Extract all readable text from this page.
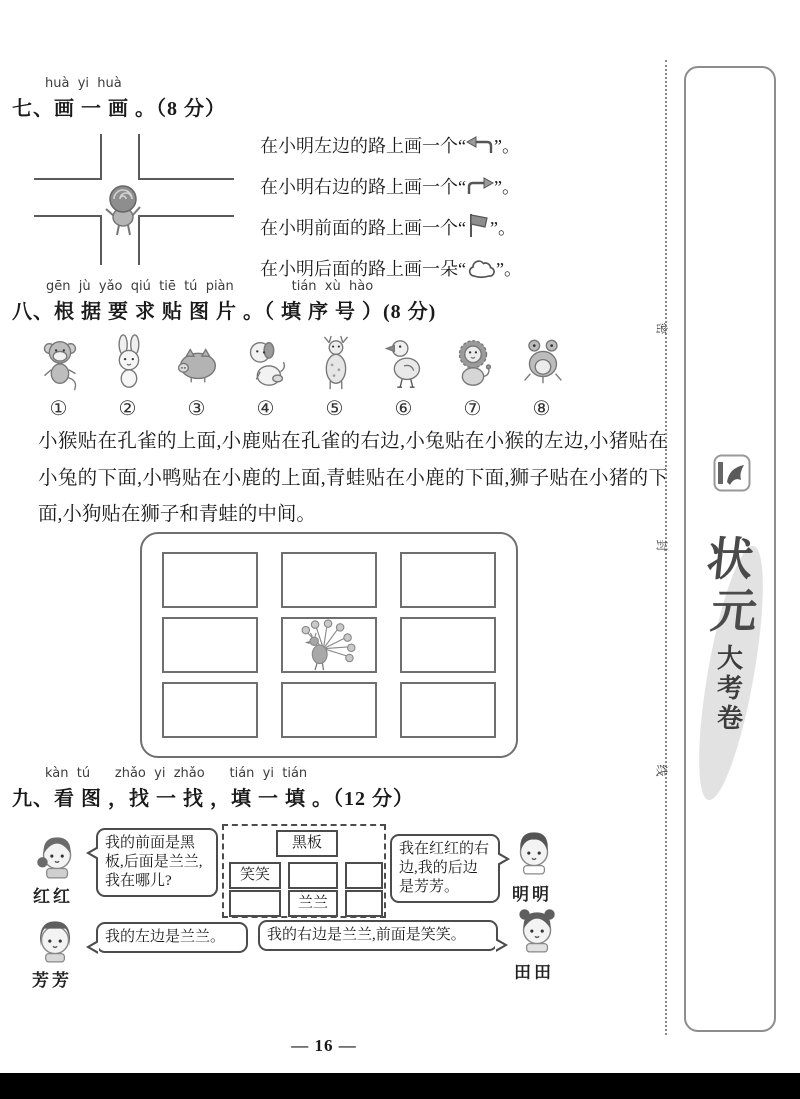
huà  yi  huà
七、画 一 画 。（8 分）
在小明左边的路上画一个“ ”。
在小明右边的路上画一个“ ”。
在小明前面的路上画一个“ ”。
在小明后面的路上画一朵“ ”。
gēn  jù  yǎo  qiú  tiē  tú  piàn              tián  xù  hào
八、根 据 要 求 贴 图 片 。（ 填 序 号 ）(8 分)
①	②	③	④	⑤	⑥	⑦	⑧
小猴贴在孔雀的上面,小鹿贴在孔雀的右边,小兔贴在小猴的左边,小猪贴在小兔的下面,小鸭贴在小鹿的上面,青蛙贴在小鹿的下面,狮子贴在小猪的下面,小狗贴在狮子和青蛙的中间。
kàn  tú      zhǎo  yi  zhǎo      tián  yi  tián
九、看 图 ，找 一 找 ，填 一 填 。（12 分）
红红
我的前面是黑板,后面是兰兰,我在哪儿?
黑板
笑笑
兰兰
我在红红的右边,我的后边是芳芳。	明明
芳芳
我的左边是兰兰。	我的右边是兰兰,前面是笑笑。
田田
— 16 —
密
封
线
状
元
大考卷
